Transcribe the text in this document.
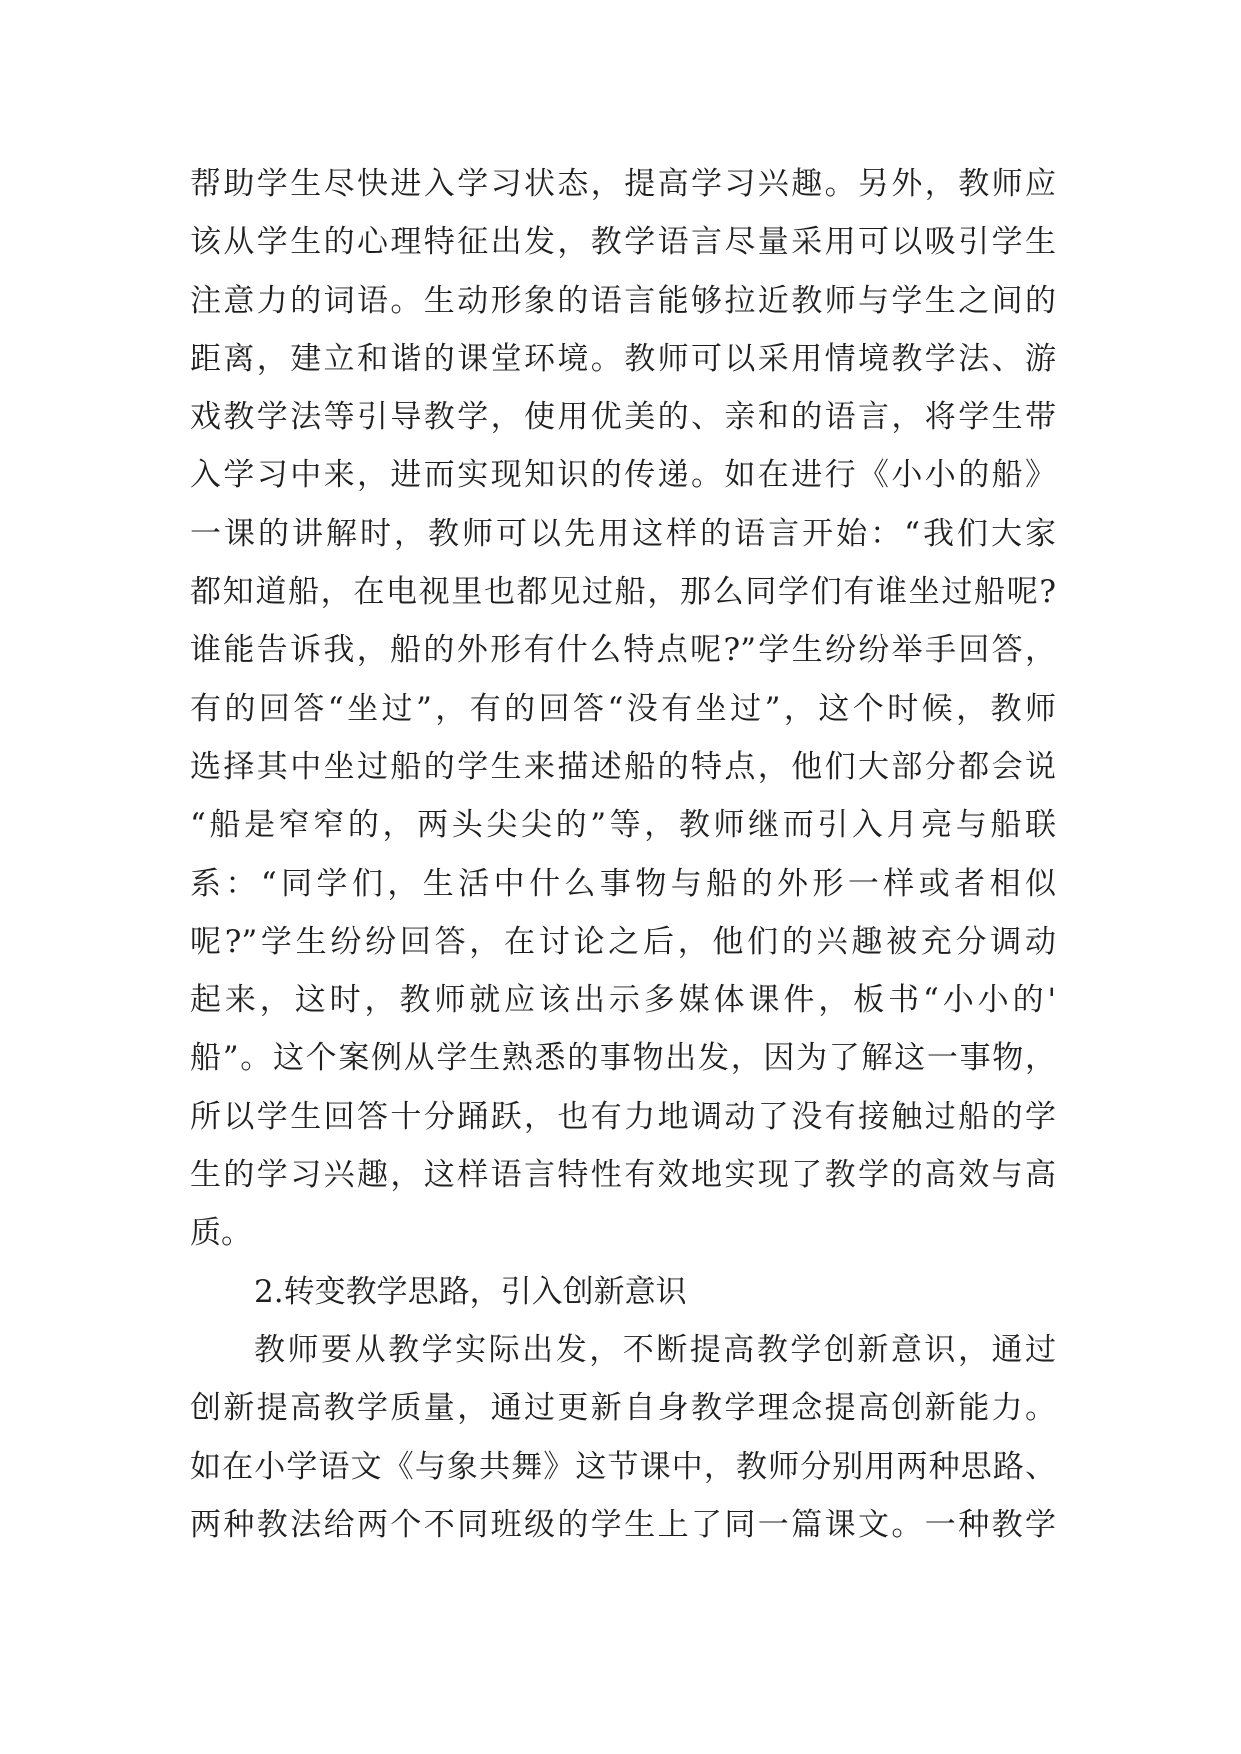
帮助学生尽快进入学习状态，提高学习兴趣。另外，教师应
该从学生的心理特征出发，教学语言尽量采用可以吸引学生
注意力的词语。生动形象的语言能够拉近教师与学生之间的
距离，建立和谐的课堂环境。教师可以采用情境教学法、游
戏教学法等引导教学，使用优美的、亲和的语言，将学生带
入学习中来，进而实现知识的传递。如在进行《小小的船》
一课的讲解时，教师可以先用这样的语言开始：“我们大家
都知道船，在电视里也都见过船，那么同学们有谁坐过船呢?
谁能告诉我，船的外形有什么特点呢?”学生纷纷举手回答，
有的回答“坐过”，有的回答“没有坐过”，这个时候，教师
选择其中坐过船的学生来描述船的特点，他们大部分都会说
“船是窄窄的，两头尖尖的”等，教师继而引入月亮与船联
系：“同学们，生活中什么事物与船的外形一样或者相似
呢?”学生纷纷回答，在讨论之后，他们的兴趣被充分调动
起来，这时，教师就应该出示多媒体课件，板书“小小的'
船”。这个案例从学生熟悉的事物出发，因为了解这一事物，
所以学生回答十分踊跃，也有力地调动了没有接触过船的学
生的学习兴趣，这样语言特性有效地实现了教学的高效与高
质。
2.转变教学思路，引入创新意识
教师要从教学实际出发，不断提高教学创新意识，通过
创新提高教学质量，通过更新自身教学理念提高创新能力。
如在小学语文《与象共舞》这节课中，教师分别用两种思路、
两种教法给两个不同班级的学生上了同一篇课文。一种教学
